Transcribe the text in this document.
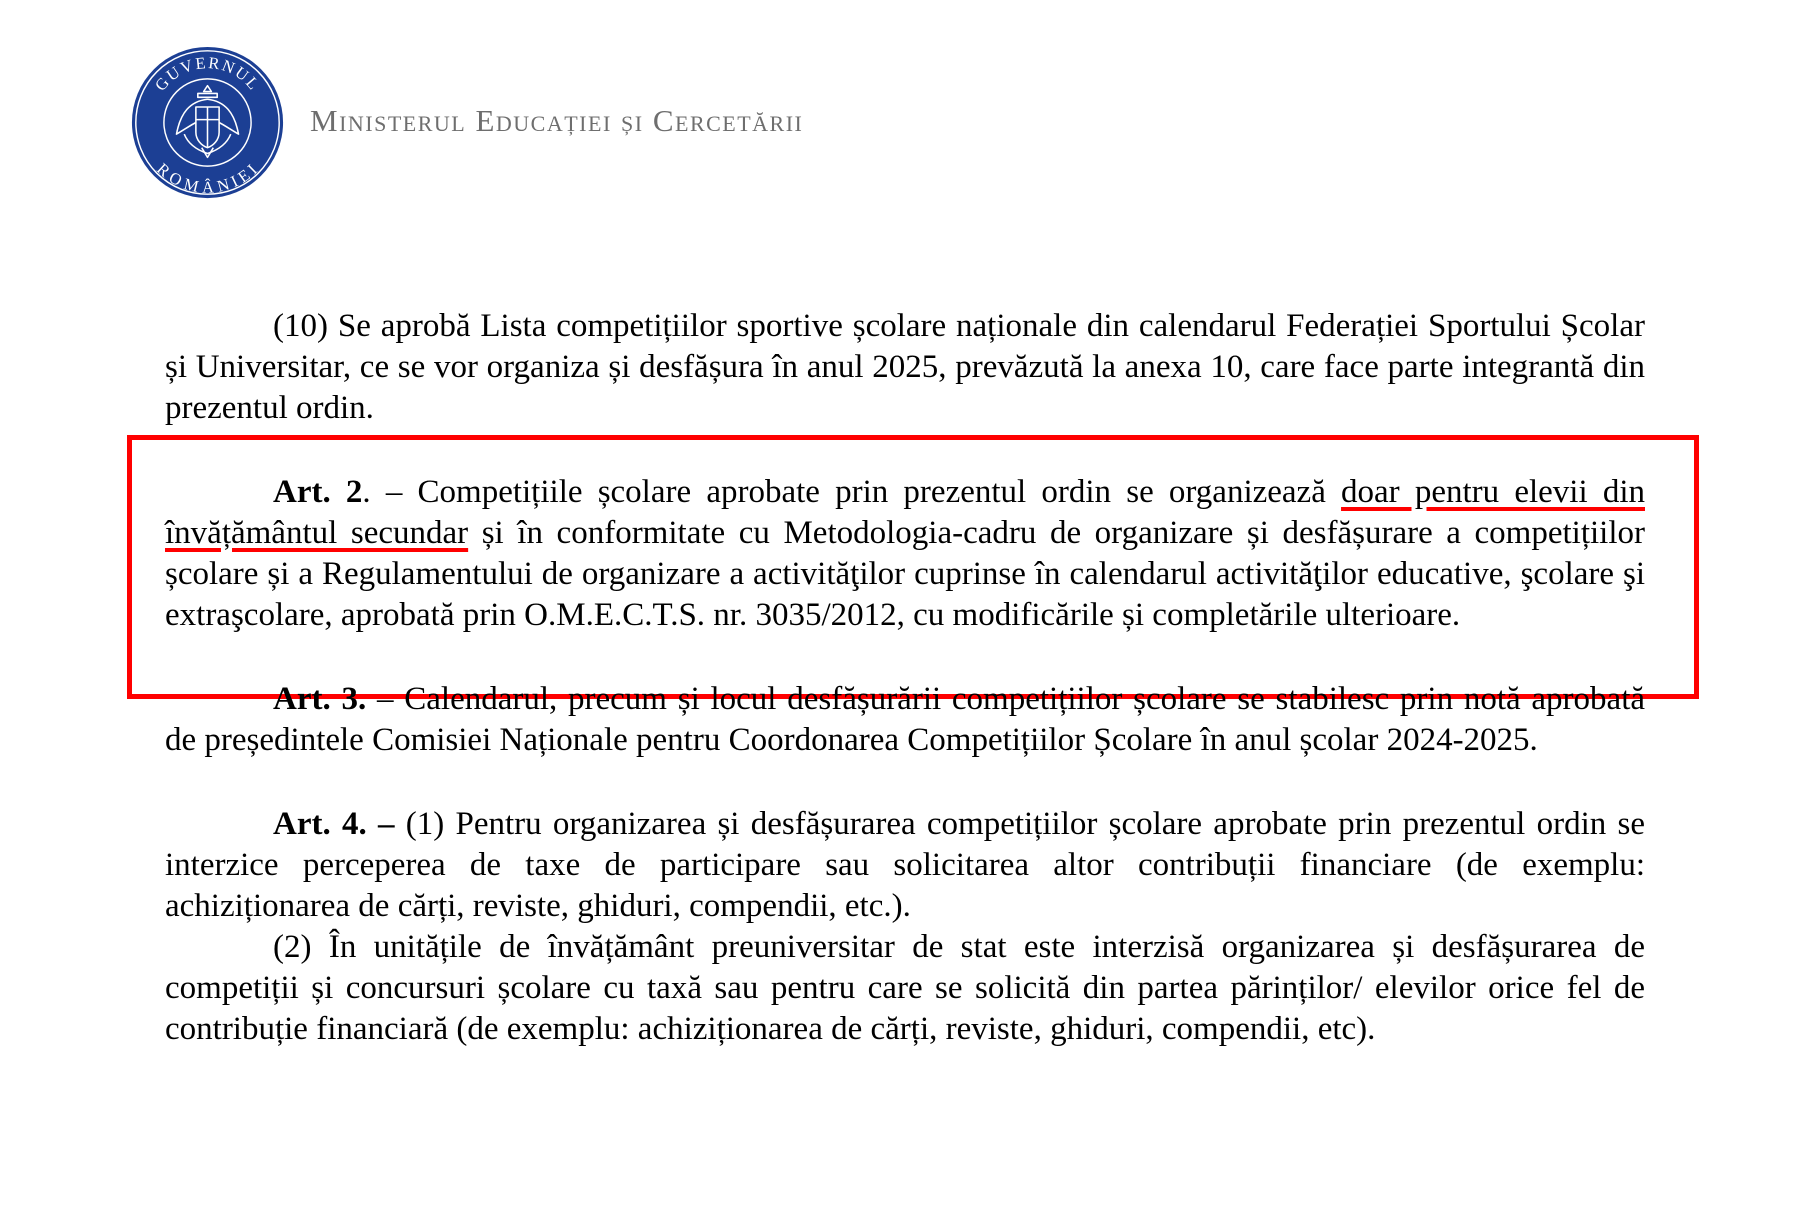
GUVERNUL
ROMÂNIEI
Ministerul Educației și Cercetării

(10) Se aprobă Lista competițiilor sportive școlare naționale din calendarul Federației Sportului Școlar și Universitar, ce se vor organiza și desfășura în anul 2025, prevăzută la anexa 10, care face parte integrantă din prezentul ordin.

Art. 2. – Competițiile școlare aprobate prin prezentul ordin se organizează doar pentru elevii din învățământul secundar și în conformitate cu Metodologia-cadru de organizare și desfășurare a competițiilor școlare și a Regulamentului de organizare a activităţilor cuprinse în calendarul activităţilor educative, şcolare şi extraşcolare, aprobată prin O.M.E.C.T.S. nr. 3035/2012, cu modificările și completările ulterioare.

Art. 3. – Calendarul, precum și locul desfășurării competițiilor școlare se stabilesc prin notă aprobată de președintele Comisiei Naționale pentru Coordonarea Competițiilor Școlare în anul școlar 2024-2025.

Art. 4. – (1) Pentru organizarea și desfășurarea competițiilor școlare aprobate prin prezentul ordin se interzice perceperea de taxe de participare sau solicitarea altor contribuții financiare (de exemplu: achiziționarea de cărți, reviste, ghiduri, compendii, etc.).

(2) În unitățile de învățământ preuniversitar de stat este interzisă organizarea și desfășurarea de competiții și concursuri școlare cu taxă sau pentru care se solicită din partea părinților/ elevilor orice fel de contribuție financiară (de exemplu: achiziționarea de cărți, reviste, ghiduri, compendii, etc).
